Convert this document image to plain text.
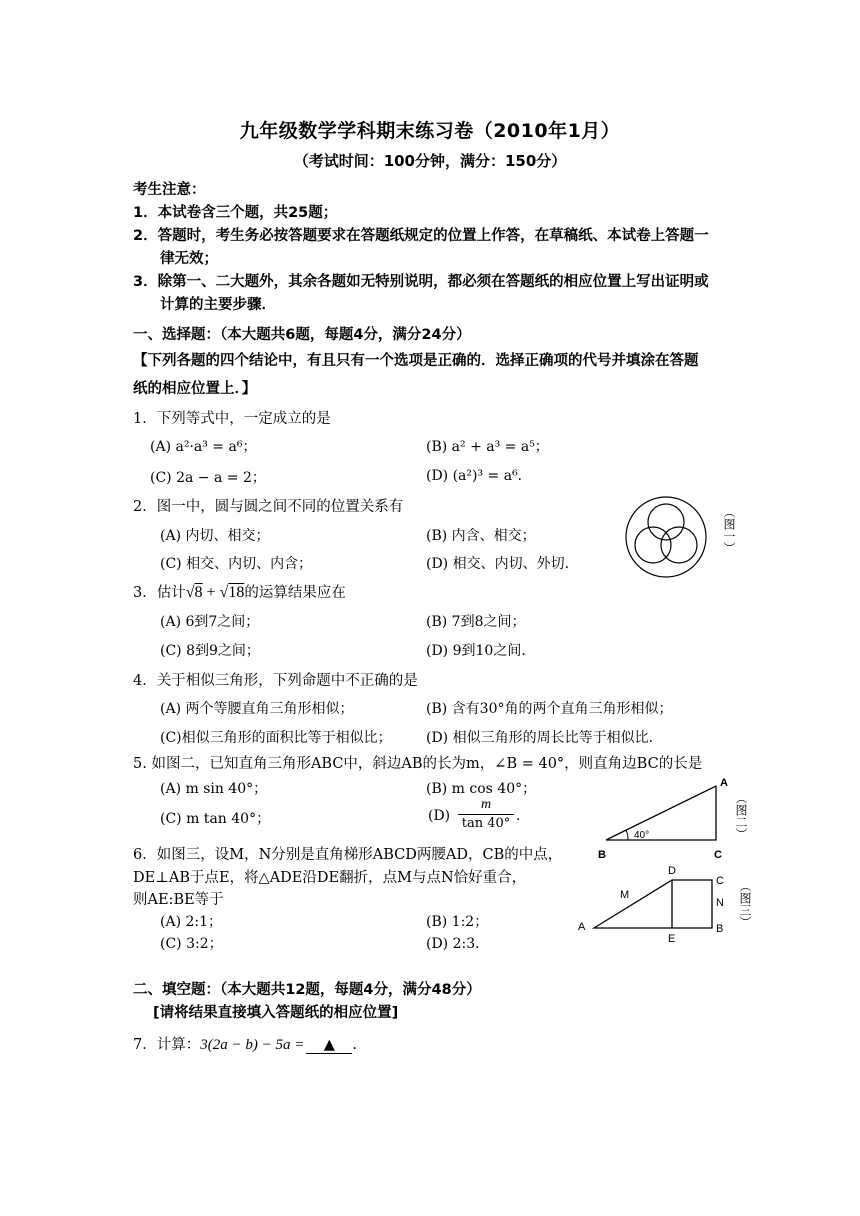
九年级数学学科期末练习卷（2010年1月）
（考试时间：100分钟，满分：150分）
考生注意：
1．本试卷含三个题，共25题；
2．答题时，考生务必按答题要求在答题纸规定的位置上作答，在草稿纸、本试卷上答题一
律无效；
3．除第一、二大题外，其余各题如无特别说明，都必须在答题纸的相应位置上写出证明或
计算的主要步骤．
一、选择题：（本大题共6题，每题4分，满分24分）
【下列各题的四个结论中，有且只有一个选项是正确的．选择正确项的代号并填涂在答题
纸的相应位置上．】
1．下列等式中，一定成立的是
(A) a²·a³ = a⁶；	(B) a² + a³ = a⁵；
(C) 2a − a = 2；	(D) (a²)³ = a⁶．
2．图一中，圆与圆之间不同的位置关系有
(A) 内切、相交；	(B) 内含、相交；
(C) 相交、内切、内含；	(D) 相交、内切、外切．
（图一）
3．估计√8 + √18的运算结果应在
(A) 6到7之间；	(B) 7到8之间；
(C) 8到9之间；	(D) 9到10之间．
4．关于相似三角形，下列命题中不正确的是
(A) 两个等腰直角三角形相似；	(B) 含有30°角的两个直角三角形相似；
(C)相似三角形的面积比等于相似比； (D) 相似三角形的周长比等于相似比．
5. 如图二，已知直角三角形ABC中，斜边AB的长为m，∠B = 40°，则直角边BC的长是
(A) m sin 40°；	(B) m cos 40°；
(C) m tan 40°；	$(D) \frac{m}{\tan 40^\circ}$ .
40°
A
B	C
（图二）
6．如图三，设M，N分别是直角梯形ABCD两腰AD，CB的中点，
DE⊥AB于点E，将△ADE沿DE翻折，点M与点N恰好重合，
则AE:BE等于
(A) 2:1；	(B) 1:2；
(C) 3:2；	(D) 2:3．
A
D
C
N
B
E
M	（图三）
二、填空题：（本大题共12题，每题4分，满分48分）
[请将结果直接填入答题纸的相应位置]
7．计算：3(2a − b) − 5a = ▲ .
